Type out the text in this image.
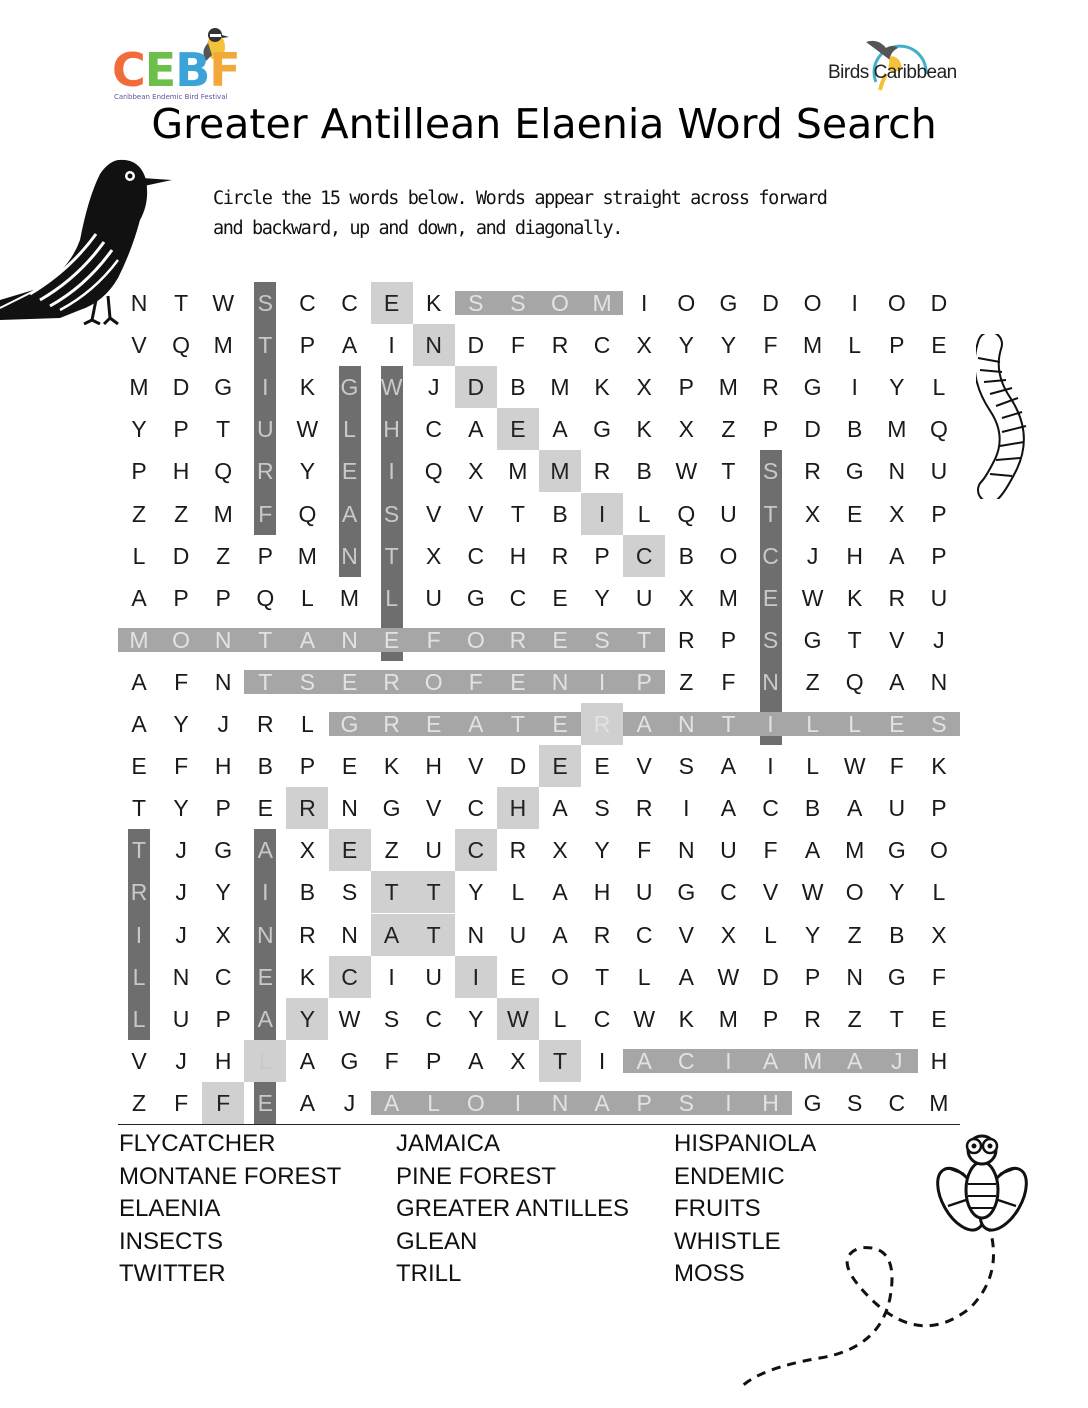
CEBF
Caribbean Endemic Bird Festival
Birds Caribbean
Greater Antillean Elaenia Word Search
Circle the 15 words below. Words appear straight across forward
and backward, up and down, and diagonally.
N	T	W	S	C	C	E	K	S	S	O	M	I	O	G	D	O	I	O	D
V	Q	M	T	P	A	I	N	D	F	R	C	X	Y	Y	F	M	L	P	E
M	D	G	I	K	G W	J	D	B	M	K	X	P	M	R	G	I	Y	L
Y	P	T	U W	L	H	C	A	E	A	G	K	X	Z	P	D	B	M	Q
P	H	Q	R	Y	E	I	Q	X	M M	R	B	W	T	S	R	G	N	U
Z	Z	M	F	Q	A	S	V	V	T	B	I	L	Q	U	T	X	E	X	P
L	D	Z	P	M	N	T	X	C	H	R	P	C	B	O	C	J	H	A	P
A	P	P	Q	L	M	L	U	G	C	E	Y	U	X	M	E	W	K	R	U
M	O	N	T	A	N	E	F	O	R	E	S	T	R	P	S	G	T	V	J
A	F	N	T	S	E	R	O	F	E	N	I	P	Z	F	N	Z	Q	A	N
A	Y	J	R	L	G	R	E	A	T	E	R	A	N	T	I	L	L	E	S
E	F	H	B	P	E	K	H	V	D	E	E	V	S	A	I	L	W	F	K
T	Y	P	E	R	N	G	V	C	H	A	S	R	I	A	C	B	A	U	P
T	J	G	A	X	E	Z	U	C	R	X	Y	F	N	U	F	A	M	G	O
R	J	Y	I	B	S	T	T	Y	L	A	H	U	G	C	V	W O	Y	L
I	J	X	N	R	N	A	T	N	U	A	R	C	V	X	L	Y	Z	B	X
L	N	C	E	K	C	I	U	I	E	O	T	L	A	W D	P	N	G	F
L	U	P	A	Y	W	S	C	Y	W	L	C W	K	M	P	R	Z	T	E
V	J	H	L	A	G	F	P	A	X	T	I	A	C	I	A	M	A	J	H
Z	F	F	E	A	J	A	L	O	I	N	A	P	S	I	H	G	S	C	M
FLYCATCHER
MONTANE FOREST
ELAENIA
INSECTS
TWITTER
JAMAICA
PINE FOREST
GREATER ANTILLES
GLEAN
TRILL
HISPANIOLA
ENDEMIC
FRUITS
WHISTLE
MOSS
